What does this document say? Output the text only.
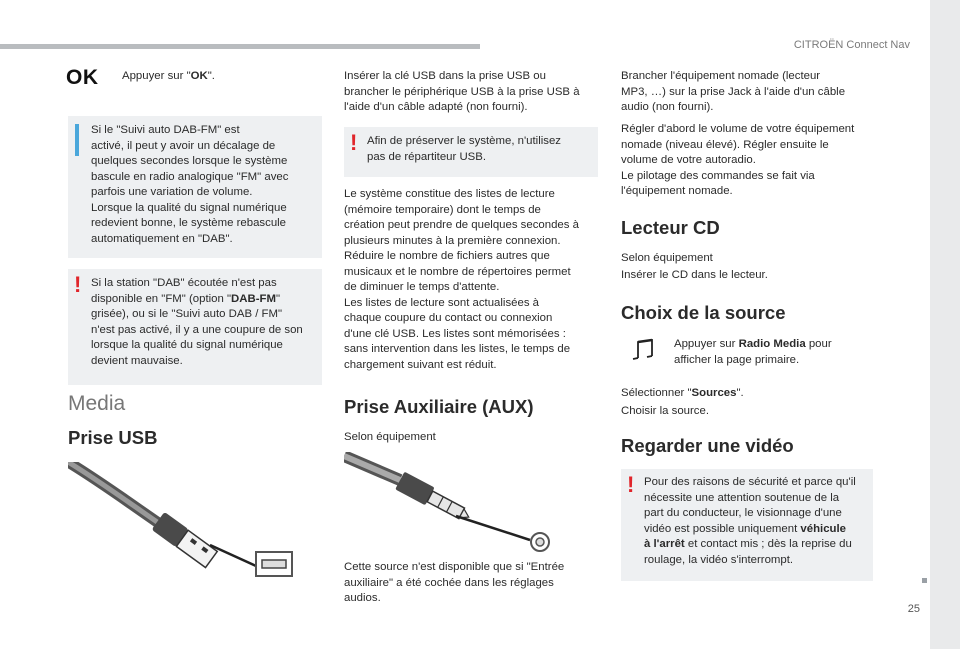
CITROËN Connect Nav
25
OK Appuyer sur "OK".

Si le "Suivi auto DAB-FM" est

activé, il peut y avoir un décalage de

quelques secondes lorsque le système

bascule en radio analogique "FM" avec

parfois une variation de volume.

Lorsque la qualité du signal numérique

redevient bonne, le système rebascule

automatiquement en "DAB".

! Si la station "DAB" écoutée n'est pas

disponible en "FM" (option "DAB-FM"

grisée), ou si le "Suivi auto DAB / FM"

n'est pas activé, il y a une coupure de son

lorsque la qualité du signal numérique

devient mauvaise.

Media
Prise USB

Insérer la clé USB dans la prise USB ou

brancher le périphérique USB à la prise USB à

l'aide d'un câble adapté (non fourni).

! Afin de préserver le système, n'utilisez

pas de répartiteur USB.

Le système constitue des listes de lecture

(mémoire temporaire) dont le temps de

création peut prendre de quelques secondes à

plusieurs minutes à la première connexion.

Réduire le nombre de fichiers autres que

musicaux et le nombre de répertoires permet

de diminuer le temps d'attente.

Les listes de lecture sont actualisées à

chaque coupure du contact ou connexion

d'une clé USB. Les listes sont mémorisées :

sans intervention dans les listes, le temps de

chargement suivant est réduit.

Prise Auxiliaire (AUX)

Selon équipement

Cette source n'est disponible que si "Entrée

auxiliaire" a été cochée dans les réglages

audios.

Brancher l'équipement nomade (lecteur

MP3, …) sur la prise Jack à l'aide d'un câble

audio (non fourni).

Régler d'abord le volume de votre équipement

nomade (niveau élevé). Régler ensuite le

volume de votre autoradio.

Le pilotage des commandes se fait via

l'équipement nomade.

Lecteur CD

Selon équipement

Insérer le CD dans le lecteur.

Choix de la source

Appuyer sur Radio Media pour

afficher la page primaire.

Sélectionner "Sources".

Choisir la source.

Regarder une vidéo
! Pour des raisons de sécurité et parce qu'il

nécessite une attention soutenue de la

part du conducteur, le visionnage d'une

vidéo est possible uniquement véhicule

à l'arrêt et contact mis ; dès la reprise du

roulage, la vidéo s'interrompt.
